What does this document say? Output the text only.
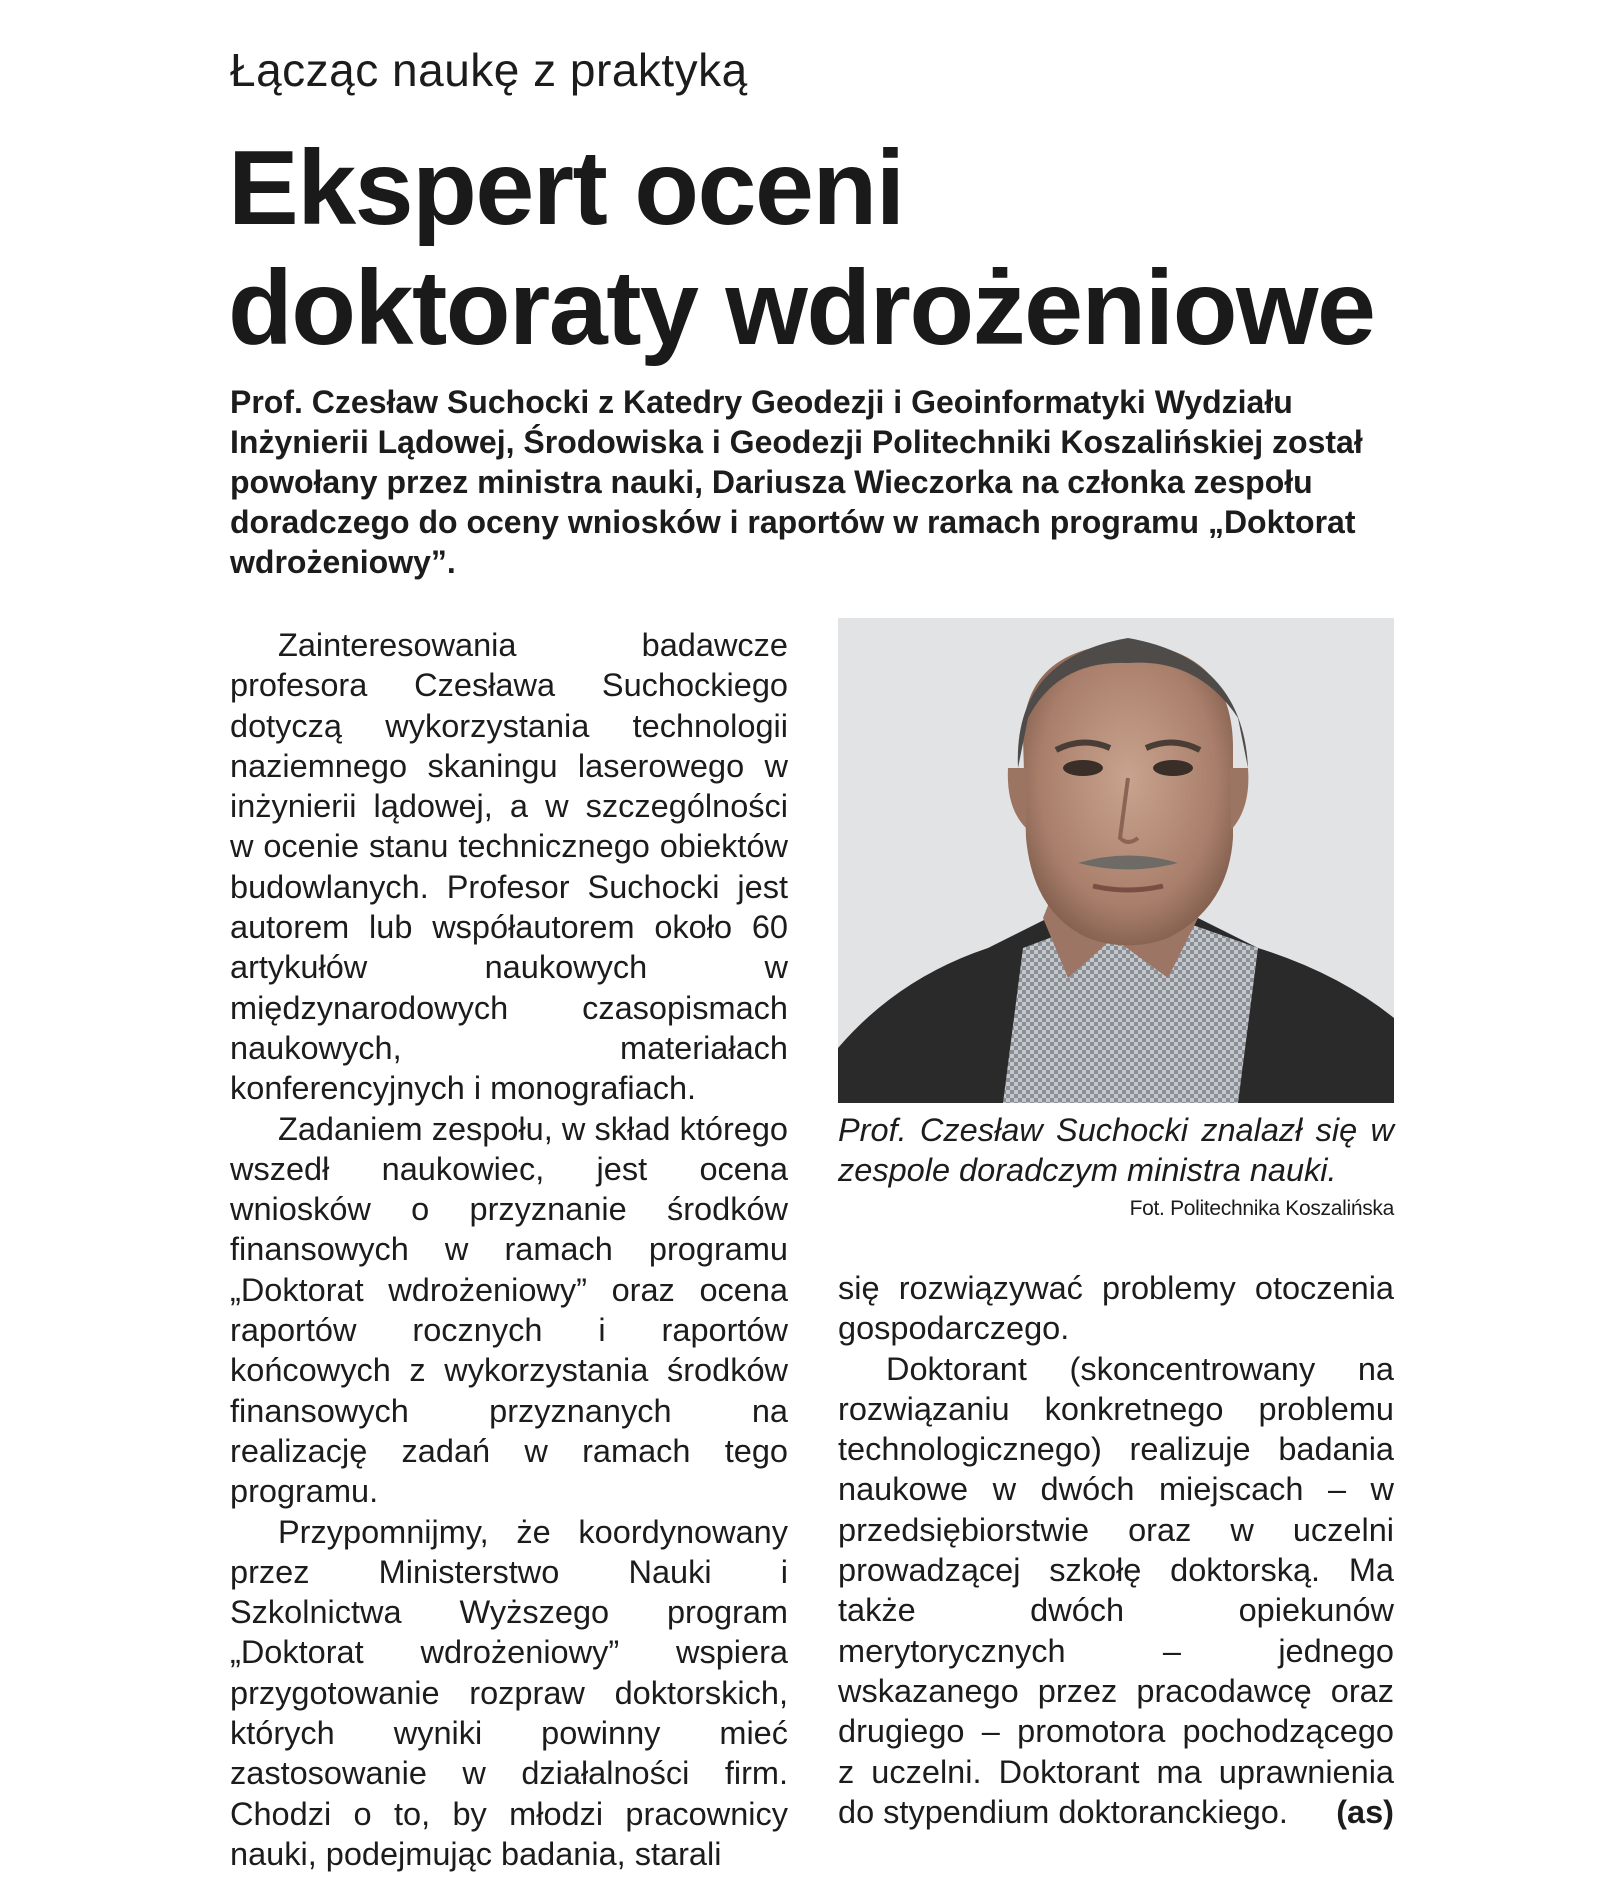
Łącząc naukę z praktyką
Ekspert oceni
doktoraty wdrożeniowe

Prof. Czesław Suchocki z Katedry Geodezji i Geoinformatyki Wydziału Inżynierii Lądowej, Środowiska i Geodezji Politechniki Koszalińskiej został powołany przez ministra nauki, Dariusza Wieczorka na członka zespołu doradczego do oceny wniosków i raportów w ramach programu „Doktorat wdrożeniowy”.

Zainteresowania badawcze profesora Czesława Suchockiego dotyczą wykorzystania technologii naziemnego skaningu laserowego w inżynierii lądowej, a w szczególności w ocenie stanu technicznego obiektów budowlanych. Profesor Suchocki jest autorem lub współautorem około 60 artykułów naukowych w międzynarodowych czasopismach naukowych, materiałach konferencyjnych i monografiach.

Zadaniem zespołu, w skład którego wszedł naukowiec, jest ocena wniosków o przyznanie środków finansowych w ramach programu „Doktorat wdrożeniowy” oraz ocena raportów rocznych i raportów końcowych z wykorzystania środków finansowych przyznanych na realizację zadań w ramach tego programu.

Przypomnijmy, że koordynowany przez Ministerstwo Nauki i Szkolnictwa Wyższego program „Doktorat wdrożeniowy” wspiera przygotowanie rozpraw doktorskich, których wyniki powinny mieć zastosowanie w działalności firm. Chodzi o to, by młodzi pracownicy nauki, podejmując badania, starali

Prof. Czesław Suchocki znalazł się w zespole doradczym ministra nauki.
Fot. Politechnika Koszalińska

się rozwiązywać problemy otoczenia gospodarczego.

Doktorant (skoncentrowany na rozwiązaniu konkretnego problemu technologicznego) realizuje badania naukowe w dwóch miejscach – w przedsiębiorstwie oraz w uczelni prowadzącej szkołę doktorską. Ma także dwóch opiekunów merytorycznych – jednego wskazanego przez pracodawcę oraz drugiego – promotora pochodzącego z uczelni. Doktorant ma uprawnienia do stypendium doktoranckiego.	(as)
